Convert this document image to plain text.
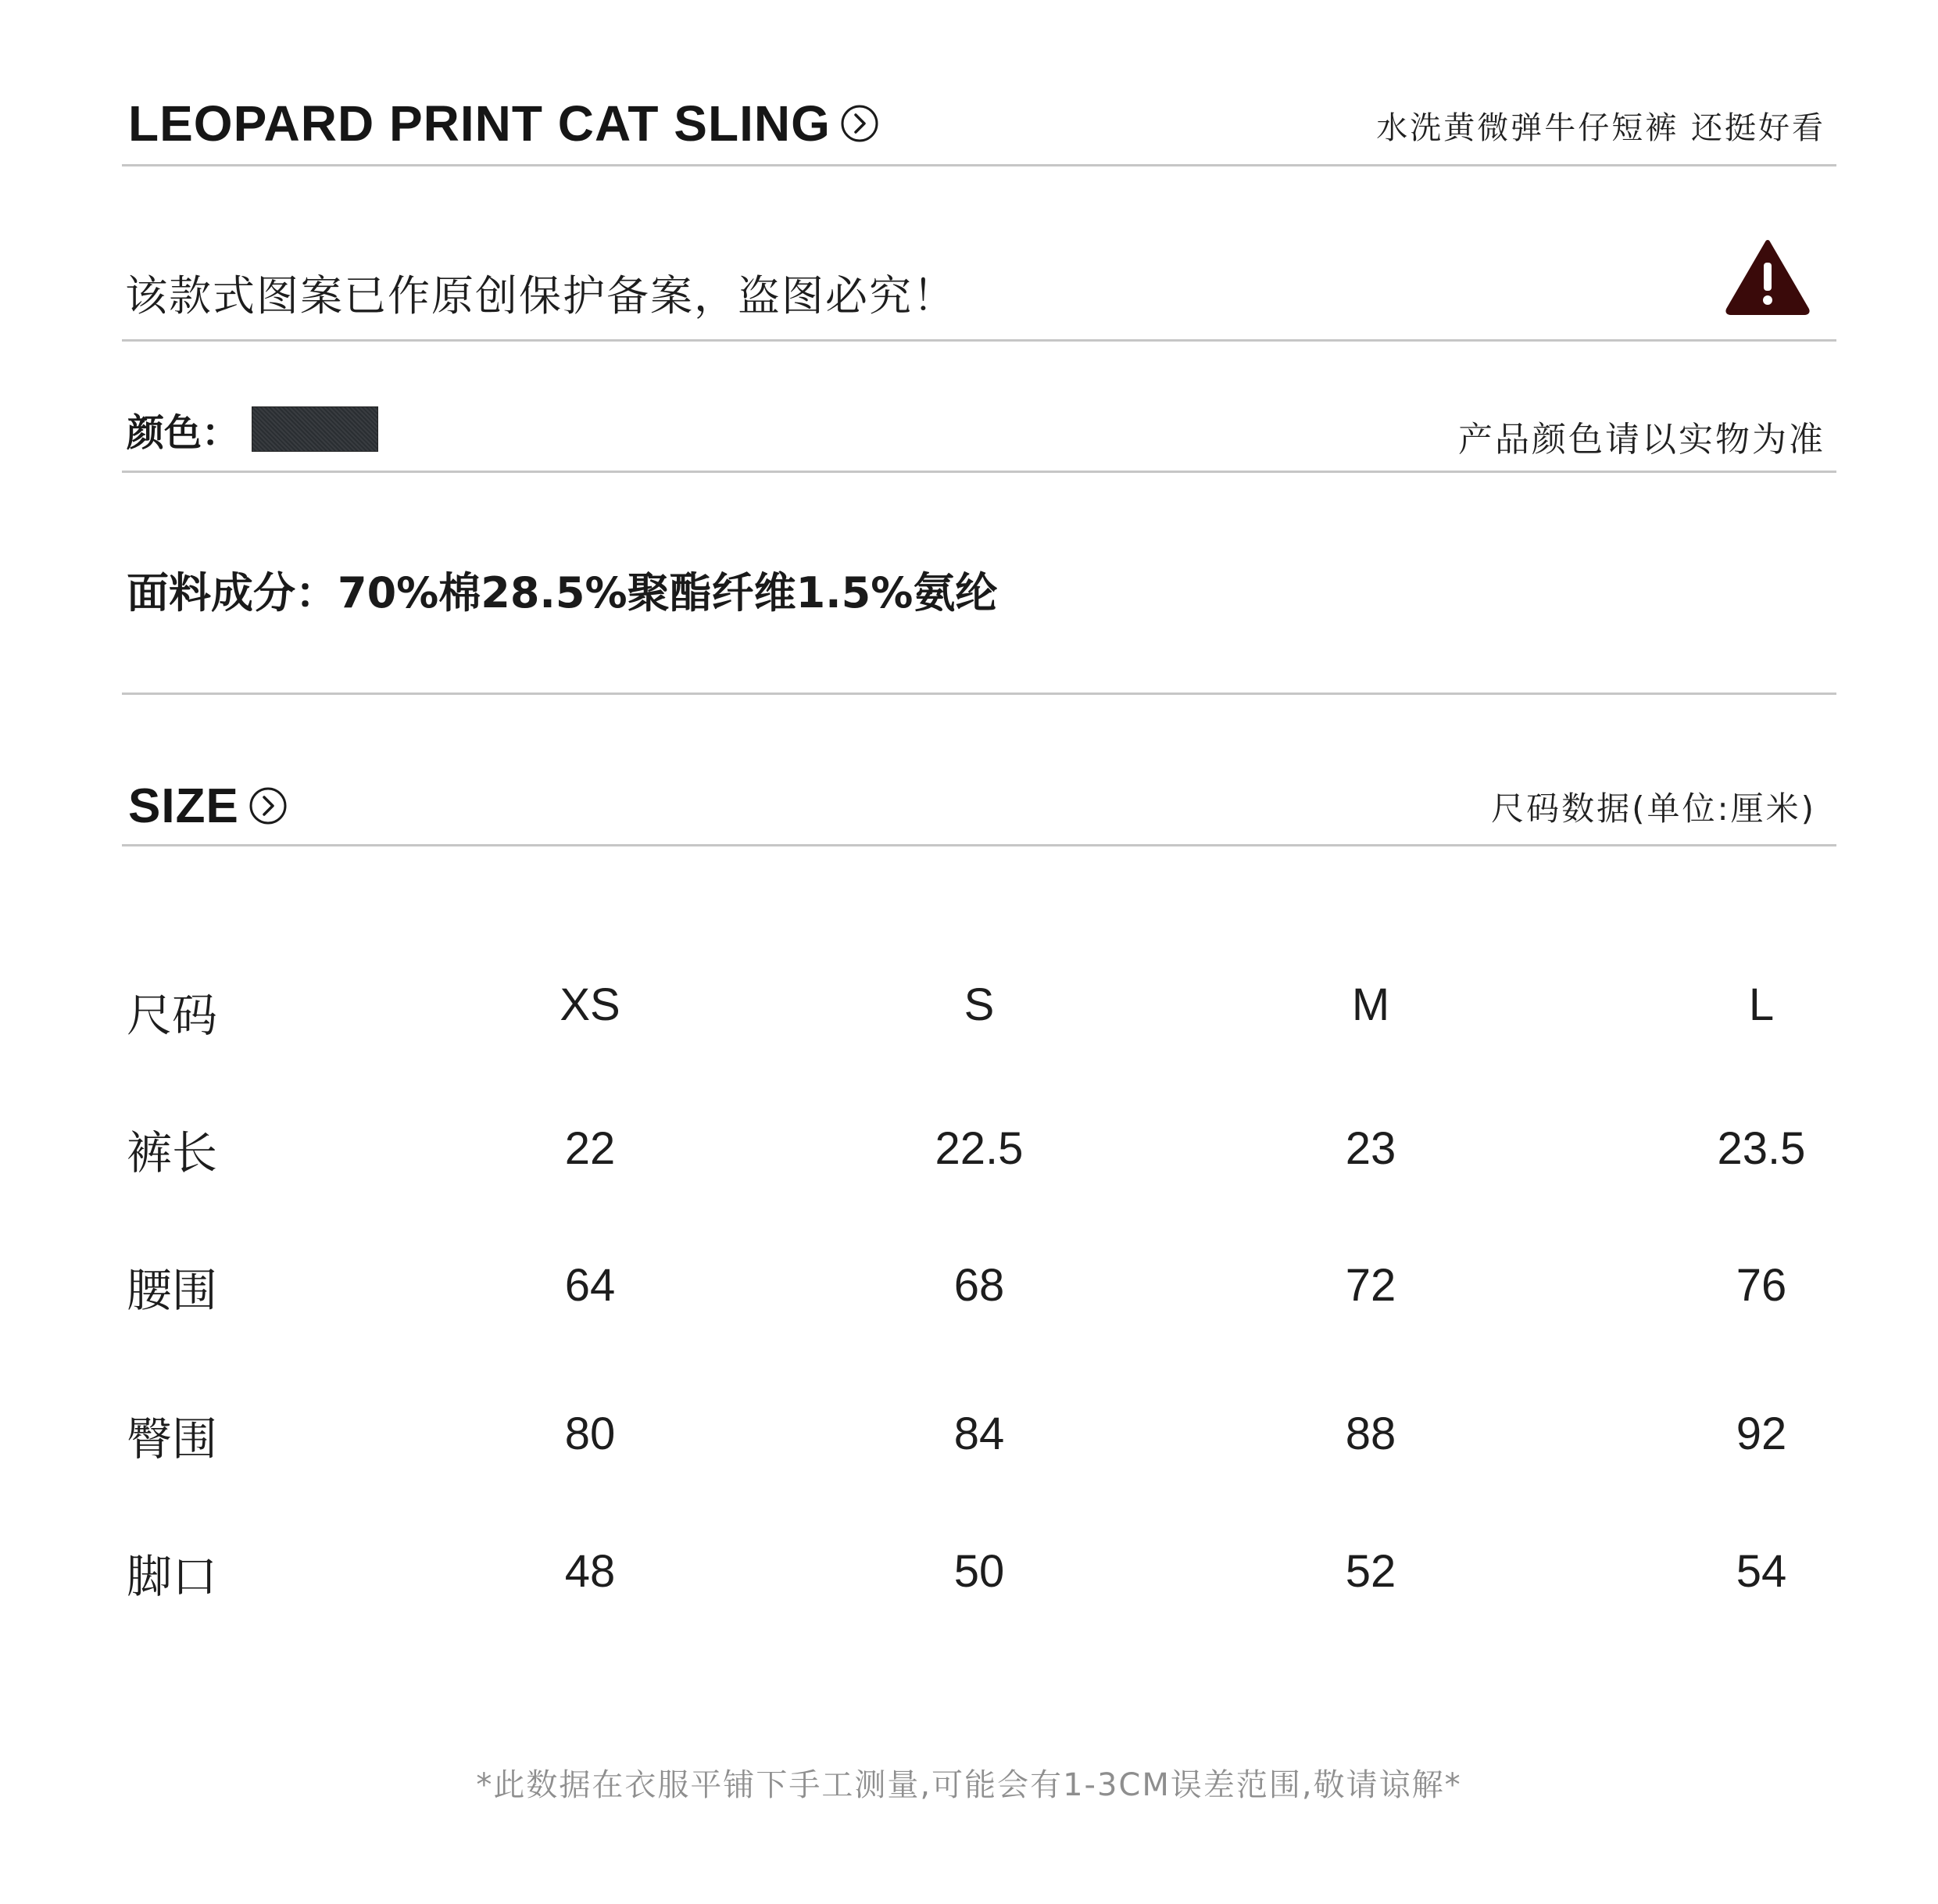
LEOPARD PRINT CAT SLING	水洗黄微弹牛仔短裤 还挺好看
该款式图案已作原创保护备案，盗图必究！
颜色：	产品颜色请以实物为准
面料成分：70%棉28.5%聚酯纤维1.5%氨纶
SIZE	尺码数据(单位:厘米)
尺码	XS	S	M	L
裤长	22	22.5	23	23.5
腰围	64	68	72	76
臀围	80	84	88	92
脚口	48	50	52	54
*此数据在衣服平铺下手工测量,可能会有1-3CM误差范围,敬请谅解*
